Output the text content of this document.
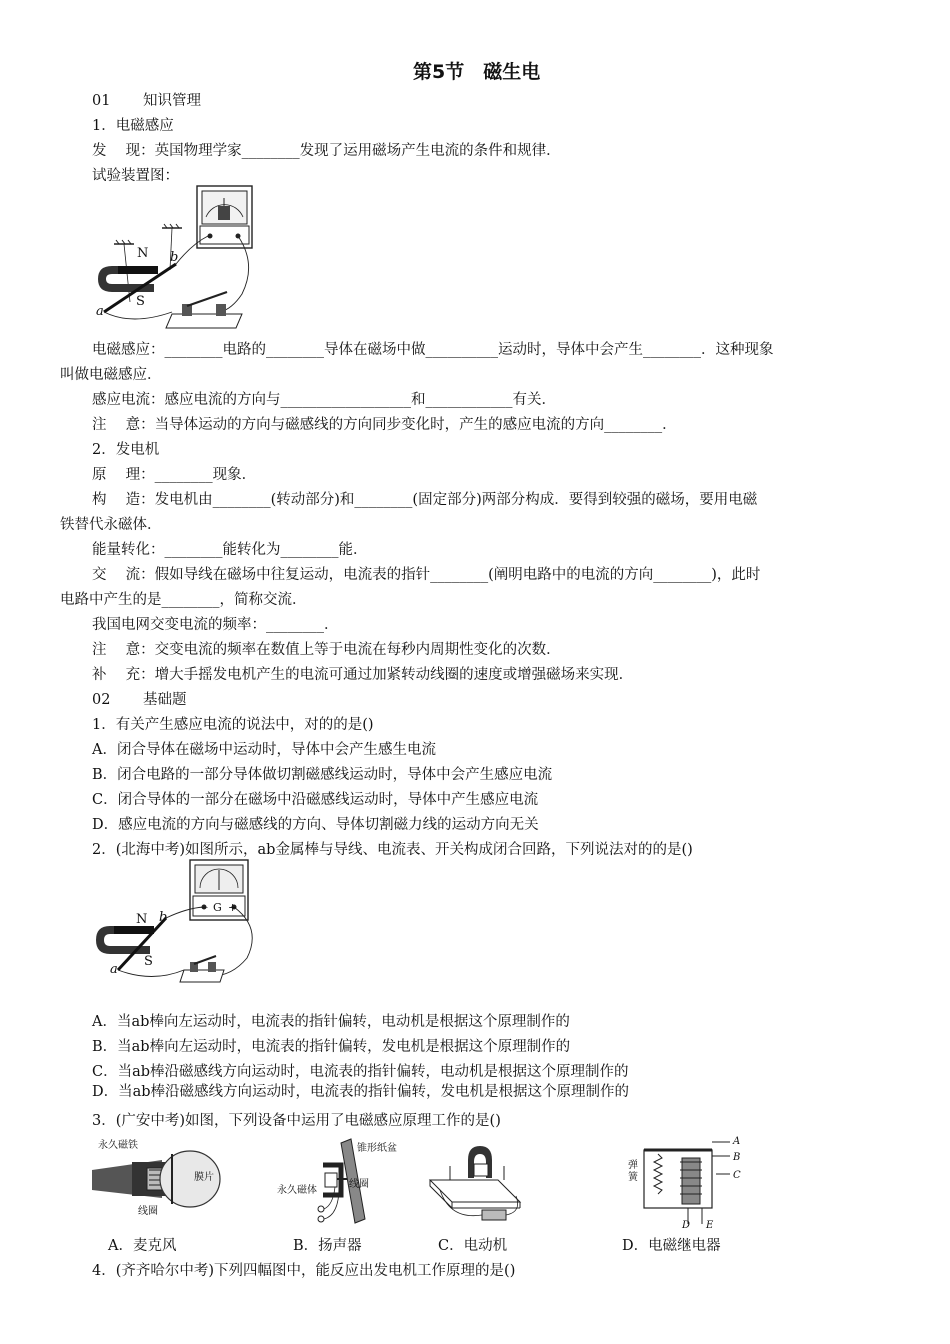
第5节　磁生电
01 知识管理
1．电磁感应
发　 现：英国物理学家________发现了运用磁场产生电流的条件和规律．
试验装置图：
N b
a
S
电磁感应：________电路的________导体在磁场中做__________运动时，导体中会产生________．这种现象
叫做电磁感应．
感应电流：感应电流的方向与__________________和____________有关．
注　 意：当导体运动的方向与磁感线的方向同步变化时，产生的感应电流的方向________．
2．发电机
原　 理：________现象．
构　 造：发电机由________(转动部分)和________(固定部分)两部分构成．要得到较强的磁场，要用电磁
铁替代永磁体．
能量转化：________能转化为________能．
交　 流：假如导线在磁场中往复运动，电流表的指针________(阐明电路中的电流的方向________)，此时
电路中产生的是________，简称交流．
我国电网交变电流的频率：________．
注　 意：交变电流的频率在数值上等于电流在每秒内周期性变化的次数．
补　 充：增大手摇发电机产生的电流可通过加紧转动线圈的速度或增强磁场来实现．
02 基础题
1．有关产生感应电流的说法中，对的的是()
A．闭合导体在磁场中运动时，导体中会产生感生电流
B．闭合电路的一部分导体做切割磁感线运动时，导体中会产生感应电流
C．闭合导体的一部分在磁场中沿磁感线运动时，导体中产生感应电流
D．感应电流的方向与磁感线的方向、导体切割磁力线的运动方向无关
2．(北海中考)如图所示，ab金属棒与导线、电流表、开关构成闭合回路，下列说法对的的是()
N b
a
S
－ G +
A．当ab棒向左运动时，电流表的指针偏转，电动机是根据这个原理制作的
B．当ab棒向左运动时，电流表的指针偏转，发电机是根据这个原理制作的
C．当ab棒沿磁感线方向运动时，电流表的指针偏转，电动机是根据这个原理制作的
D．当ab棒沿磁感线方向运动时，电流表的指针偏转，发电机是根据这个原理制作的
3．(广安中考)如图，下列设备中运用了电磁感应原理工作的是()
永久磁铁
线圈
膜片
锥形纸盆
线圈
永久磁体
弹簧
A
B
C
D E
A．麦克风	B．扬声器	C．电动机	D．电磁继电器
4．(齐齐哈尔中考)下列四幅图中，能反应出发电机工作原理的是()
